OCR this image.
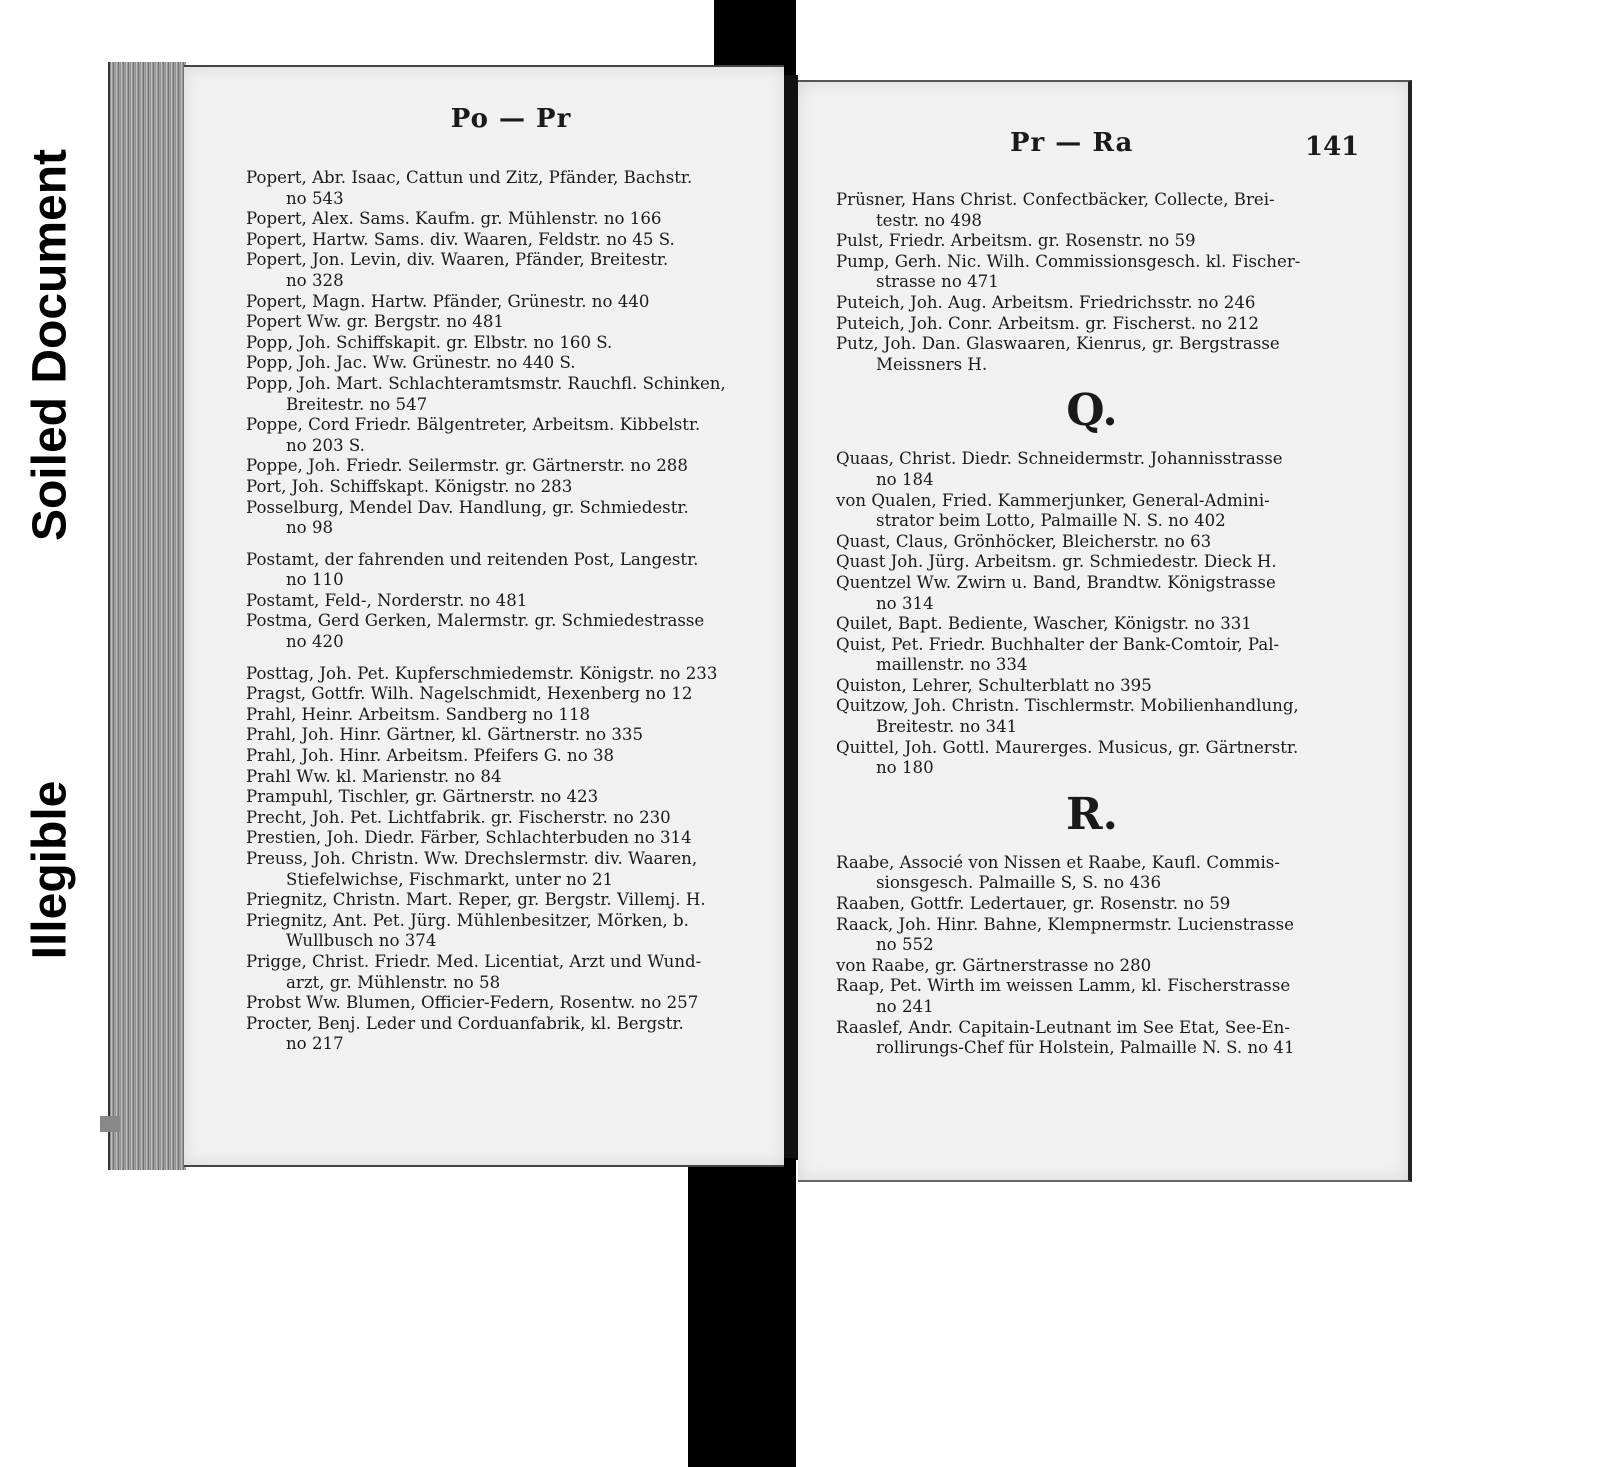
Soiled Document
Illegible
Po — Pr
Pr — Ra	141
Popert, Abr. Isaac, Cattun und Zitz, Pfänder, Bachstr.
no 543
Popert, Alex. Sams. Kaufm. gr. Mühlenstr. no 166
Popert, Hartw. Sams. div. Waaren, Feldstr. no 45 S.
Popert, Jon. Levin, div. Waaren, Pfänder, Breitestr.
no 328
Popert, Magn. Hartw. Pfänder, Grünestr. no 440
Popert Ww. gr. Bergstr. no 481
Popp, Joh. Schiffskapit. gr. Elbstr. no 160 S.
Popp, Joh. Jac. Ww. Grünestr. no 440 S.
Popp, Joh. Mart. Schlachteramtsmstr. Rauchfl. Schinken,
Breitestr. no 547
Poppe, Cord Friedr. Bälgentreter, Arbeitsm. Kibbelstr.
no 203 S.
Poppe, Joh. Friedr. Seilermstr. gr. Gärtnerstr. no 288
Port, Joh. Schiffskapt. Königstr. no 283
Posselburg, Mendel Dav. Handlung, gr. Schmiedestr.
no 98
Postamt, der fahrenden und reitenden Post, Langestr.
no 110
Postamt, Feld-, Norderstr. no 481
Postma, Gerd Gerken, Malermstr. gr. Schmiedestrasse
no 420
Posttag, Joh. Pet. Kupferschmiedemstr. Königstr. no 233
Pragst, Gottfr. Wilh. Nagelschmidt, Hexenberg no 12
Prahl, Heinr. Arbeitsm. Sandberg no 118
Prahl, Joh. Hinr. Gärtner, kl. Gärtnerstr. no 335
Prahl, Joh. Hinr. Arbeitsm. Pfeifers G. no 38
Prahl Ww. kl. Marienstr. no 84
Prampuhl, Tischler, gr. Gärtnerstr. no 423
Precht, Joh. Pet. Lichtfabrik. gr. Fischerstr. no 230
Prestien, Joh. Diedr. Färber, Schlachterbuden no 314
Preuss, Joh. Christn. Ww. Drechslermstr. div. Waaren,
Stiefelwichse, Fischmarkt, unter no 21
Priegnitz, Christn. Mart. Reper, gr. Bergstr. Villemj. H.
Priegnitz, Ant. Pet. Jürg. Mühlenbesitzer, Mörken, b.
Wullbusch no 374
Prigge, Christ. Friedr. Med. Licentiat, Arzt und Wund-
arzt, gr. Mühlenstr. no 58
Probst Ww. Blumen, Officier-Federn, Rosentw. no 257
Procter, Benj. Leder und Corduanfabrik, kl. Bergstr.
no 217
Prüsner, Hans Christ. Confectbäcker, Collecte, Brei-
testr. no 498
Pulst, Friedr. Arbeitsm. gr. Rosenstr. no 59
Pump, Gerh. Nic. Wilh. Commissionsgesch. kl. Fischer-
strasse no 471
Puteich, Joh. Aug. Arbeitsm. Friedrichsstr. no 246
Puteich, Joh. Conr. Arbeitsm. gr. Fischerst. no 212
Putz, Joh. Dan. Glaswaaren, Kienrus, gr. Bergstrasse
Meissners H.
Q.
Quaas, Christ. Diedr. Schneidermstr. Johannisstrasse
no 184
von Qualen, Fried. Kammerjunker, General-Admini-
strator beim Lotto, Palmaille N. S. no 402
Quast, Claus, Grönhöcker, Bleicherstr. no 63
Quast Joh. Jürg. Arbeitsm. gr. Schmiedestr. Dieck H.
Quentzel Ww. Zwirn u. Band, Brandtw. Königstrasse
no 314
Quilet, Bapt. Bediente, Wascher, Königstr. no 331
Quist, Pet. Friedr. Buchhalter der Bank-Comtoir, Pal-
maillenstr. no 334
Quiston, Lehrer, Schulterblatt no 395
Quitzow, Joh. Christn. Tischlermstr. Mobilienhandlung,
Breitestr. no 341
Quittel, Joh. Gottl. Maurerges. Musicus, gr. Gärtnerstr.
no 180
R.
Raabe, Associé von Nissen et Raabe, Kaufl. Commis-
sionsgesch. Palmaille S, S. no 436
Raaben, Gottfr. Ledertauer, gr. Rosenstr. no 59
Raack, Joh. Hinr. Bahne, Klempnermstr. Lucienstrasse
no 552
von Raabe, gr. Gärtnerstrasse no 280
Raap, Pet. Wirth im weissen Lamm, kl. Fischerstrasse
no 241
Raaslef, Andr. Capitain-Leutnant im See Etat, See-En-
rollirungs-Chef für Holstein, Palmaille N. S. no 41
